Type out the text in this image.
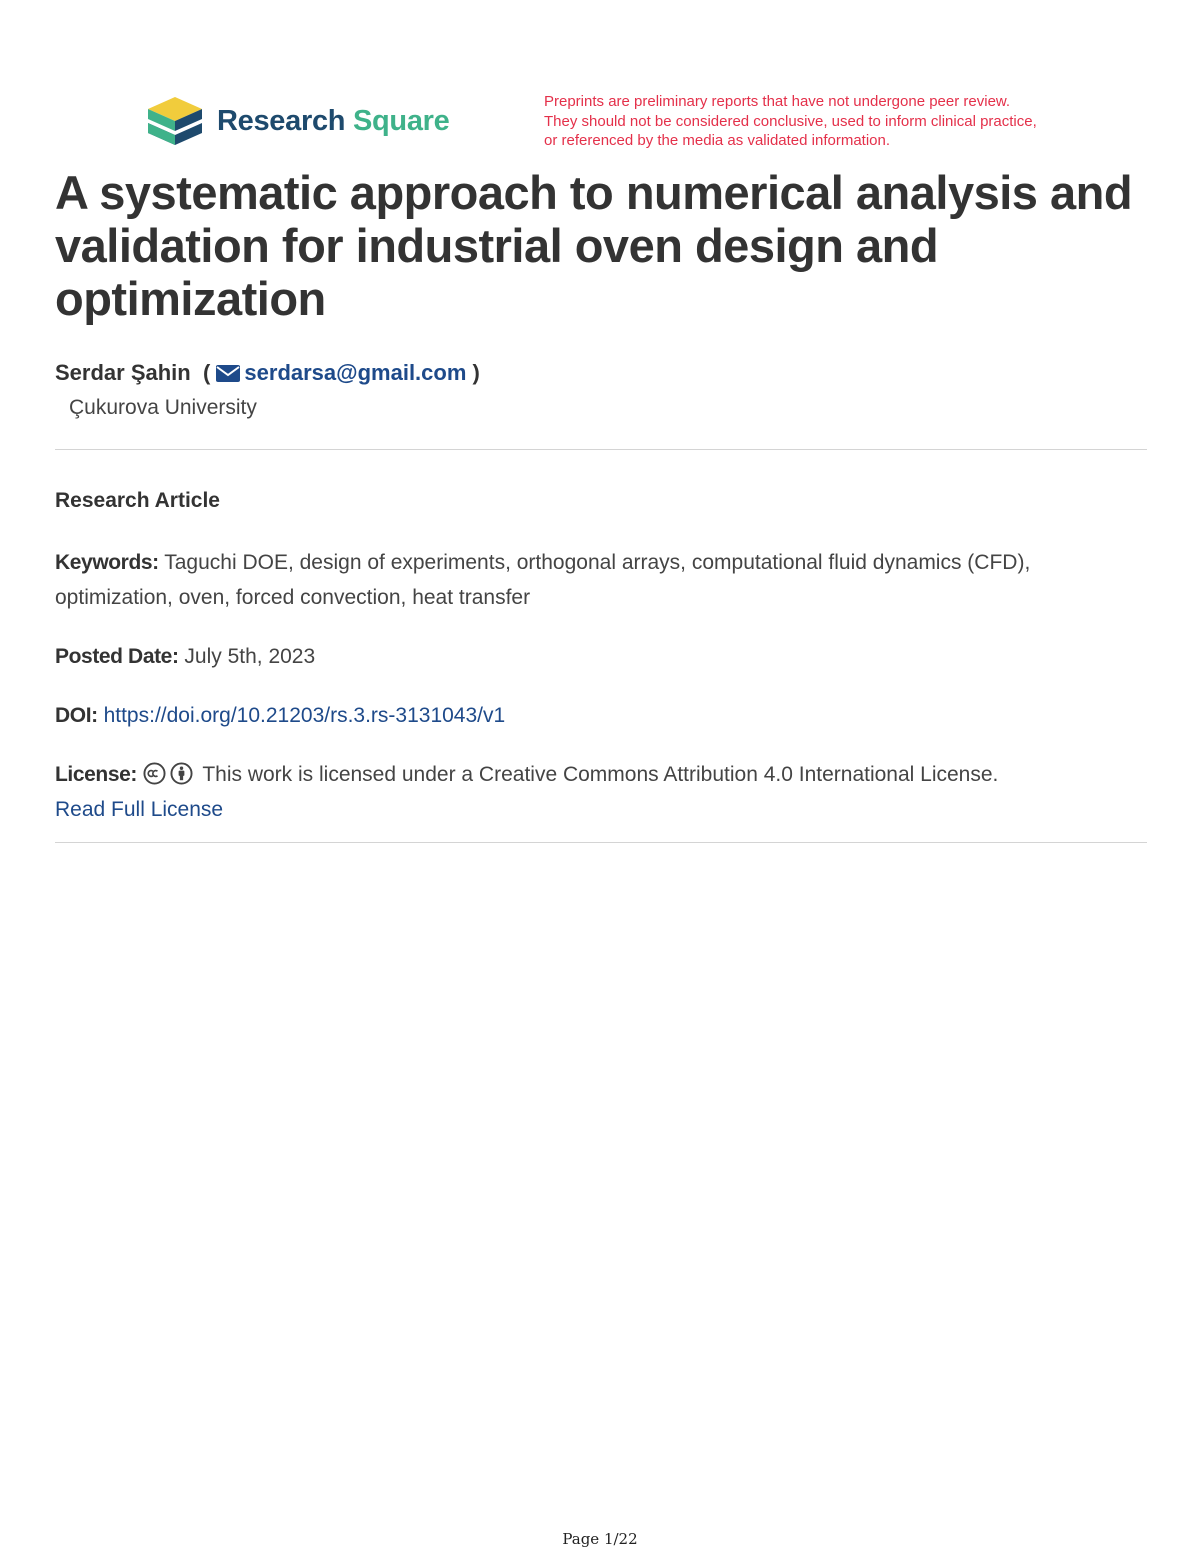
Research Square
Preprints are preliminary reports that have not undergone peer review.
They should not be considered conclusive, used to inform clinical practice,
or referenced by the media as validated information.
A systematic approach to numerical analysis and validation for industrial oven design and optimization
Serdar Şahin ( serdarsa@gmail.com )
Çukurova University
Research Article
Keywords: Taguchi DOE, design of experiments, orthogonal arrays, computational fluid dynamics (CFD), optimization, oven, forced convection, heat transfer
Posted Date: July 5th, 2023
DOI: https://doi.org/10.21203/rs.3.rs-3131043/v1
License:	This work is licensed under a Creative Commons Attribution 4.0 International License.
Read Full License
Page 1/22
